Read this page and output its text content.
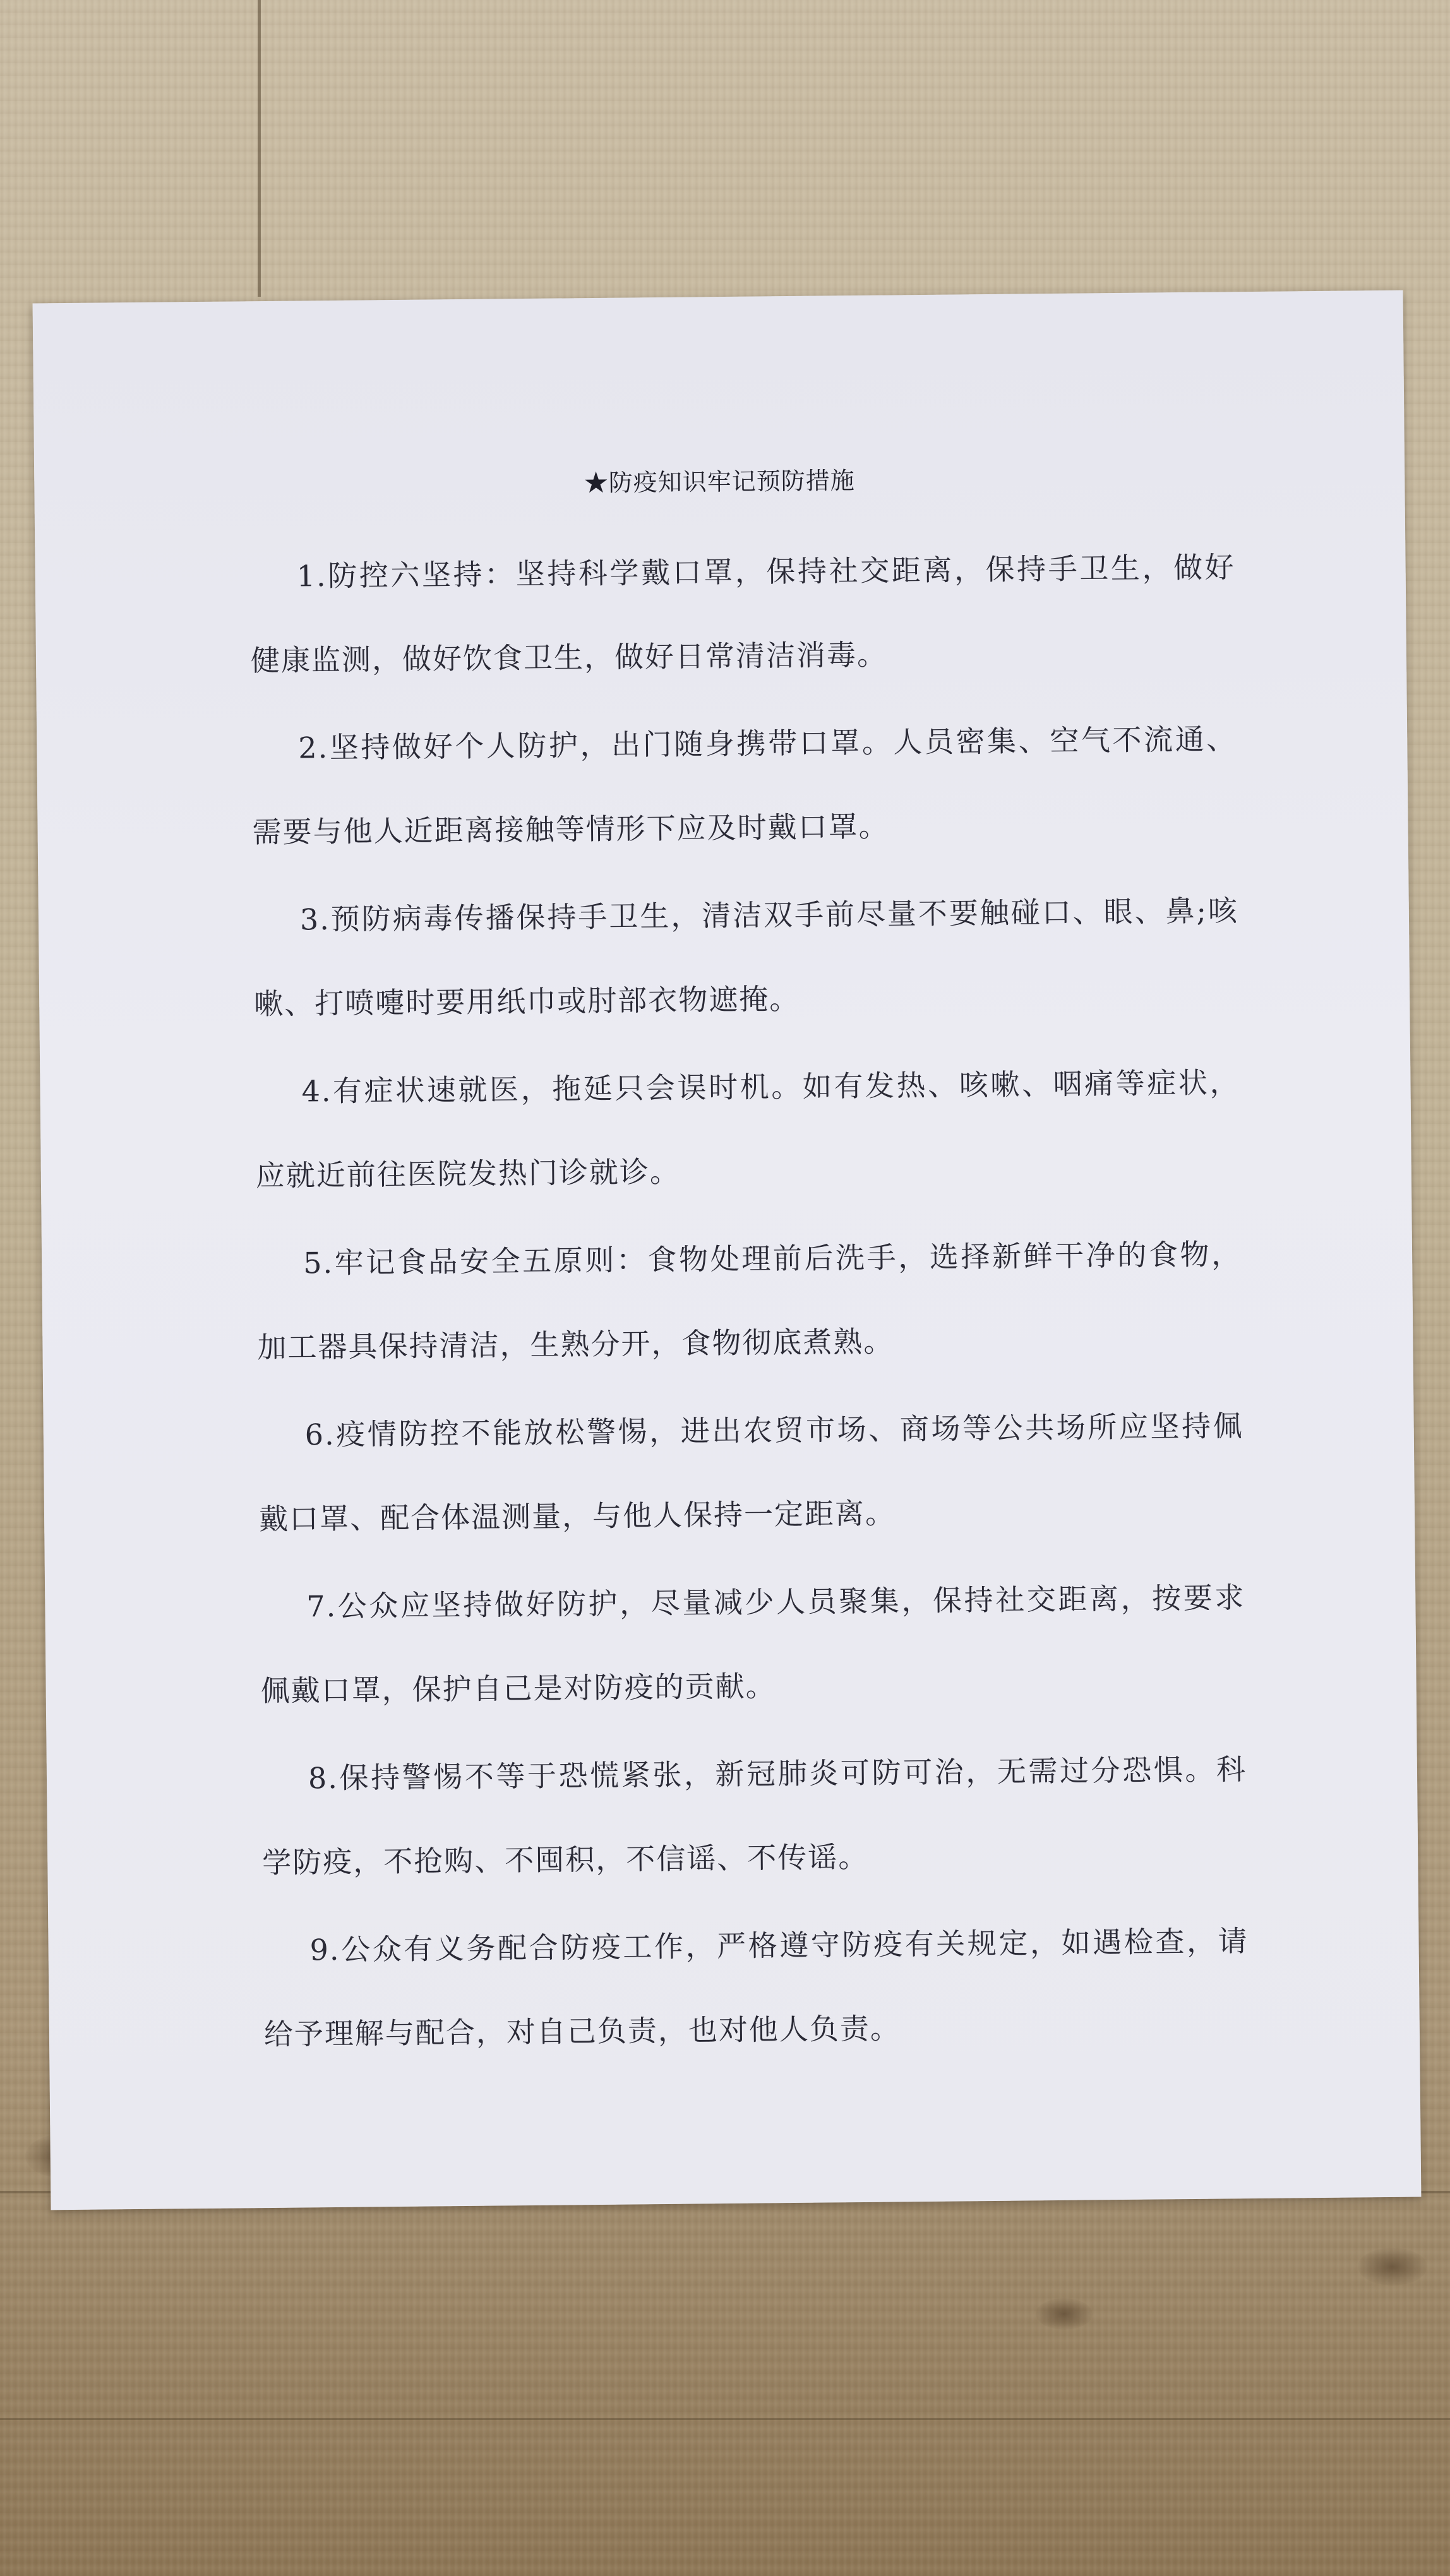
★防疫知识牢记预防措施

1.防控六坚持：坚持科学戴口罩，保持社交距离，保持手卫生，做好健康监测，做好饮食卫生，做好日常清洁消毒。

2.坚持做好个人防护，出门随身携带口罩。人员密集、空气不流通、需要与他人近距离接触等情形下应及时戴口罩。

3.预防病毒传播保持手卫生，清洁双手前尽量不要触碰口、眼、鼻;咳嗽、打喷嚏时要用纸巾或肘部衣物遮掩。

4.有症状速就医，拖延只会误时机。如有发热、咳嗽、咽痛等症状，应就近前往医院发热门诊就诊。

5.牢记食品安全五原则：食物处理前后洗手，选择新鲜干净的食物，加工器具保持清洁，生熟分开，食物彻底煮熟。

6.疫情防控不能放松警惕，进出农贸市场、商场等公共场所应坚持佩戴口罩、配合体温测量，与他人保持一定距离。

7.公众应坚持做好防护，尽量减少人员聚集，保持社交距离，按要求佩戴口罩，保护自己是对防疫的贡献。

8.保持警惕不等于恐慌紧张，新冠肺炎可防可治，无需过分恐惧。科学防疫，不抢购、不囤积，不信谣、不传谣。

9.公众有义务配合防疫工作，严格遵守防疫有关规定，如遇检查，请给予理解与配合，对自己负责，也对他人负责。
